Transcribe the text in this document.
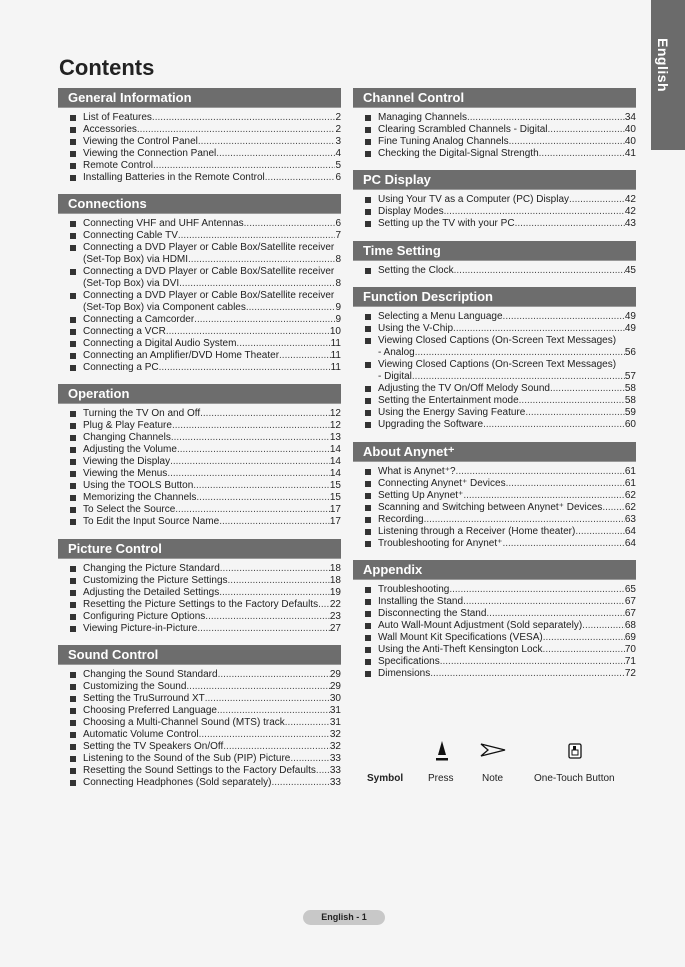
English
Contents
General Information
List of Features .....	2
Accessories .....	2
Viewing the Control Panel .....	3
Viewing the Connection Panel .....	4
Remote Control .....	5
Installing Batteries in the Remote Control .....	6
Connections
Connecting VHF and UHF Antennas .....	6
Connecting Cable TV .....	7
Connecting a DVD Player or Cable Box/Satellite receiver
(Set-Top Box) via HDMI .....	8
Connecting a DVD Player or Cable Box/Satellite receiver
(Set-Top Box) via DVI .....	8
Connecting a DVD Player or Cable Box/Satellite receiver
(Set-Top Box) via Component cables .....	9
Connecting a Camcorder .....	9
Connecting a VCR .....	10
Connecting a Digital Audio System .....	11
Connecting an Amplifier/DVD Home Theater .....	11
Connecting a PC .....	11
Operation
Turning the TV On and Off .....	12
Plug & Play Feature .....	12
Changing Channels .....	13
Adjusting the Volume .....	14
Viewing the Display .....	14
Viewing the Menus .....	14
Using the TOOLS Button .....	15
Memorizing the Channels .....	15
To Select the Source .....	17
To Edit the Input Source Name .....	17
Picture Control
Changing the Picture Standard .....	18
Customizing the Picture Settings .....	18
Adjusting the Detailed Settings .....	19
Resetting the Picture Settings to the Factory Defaults ..... 22
Configuring Picture Options .....	23
Viewing Picture-in-Picture .....	27
Sound Control
Changing the Sound Standard .....	29
Customizing the Sound .....	29
Setting the TruSurround XT .....	30
Choosing Preferred Language .....	31
Choosing a Multi-Channel Sound (MTS) track .....	31
Automatic Volume Control .....	32
Setting the TV Speakers On/Off .....	32
Listening to the Sound of the Sub (PIP) Picture .....	33
Resetting the Sound Settings to the Factory Defaults ..... 33
Connecting Headphones (Sold separately) .....	33
Channel Control
Managing Channels .....	34
Clearing Scrambled Channels - Digital .....	40
Fine Tuning Analog Channels .....	40
Checking the Digital-Signal Strength .....	41
PC Display
Using Your TV as a Computer (PC) Display .....	42
Display Modes .....	42
Setting up the TV with your PC .....	43
Time Setting
Setting the Clock .....	45
Function Description
Selecting a Menu Language .....	49
Using the V-Chip .....	49
Viewing Closed Captions (On-Screen Text Messages)
- Analog .....	56
Viewing Closed Captions (On-Screen Text Messages)
- Digital .....	57
Adjusting the TV On/Off Melody Sound .....	58
Setting the Entertainment mode .....	58
Using the Energy Saving Feature .....	59
Upgrading the Software .....	60
About Anynet⁺
What is Anynet⁺? .....	61
Connecting Anynet⁺ Devices .....	61
Setting Up Anynet⁺ .....	62
Scanning and Switching between Anynet⁺ Devices ..... 62
Recording .....	63
Listening through a Receiver (Home theater) .....	64
Troubleshooting for Anynet⁺ .....	64
Appendix
Troubleshooting .....	65
Installing the Stand .....	67
Disconnecting the Stand .....	67
Auto Wall-Mount Adjustment (Sold separately) .....	68
Wall Mount Kit Specifications (VESA) .....	69
Using the Anti-Theft Kensington Lock .....	70
Specifications .....	71
Dimensions .....	72
Symbol Press	Note	One-Touch Button
English - 1
